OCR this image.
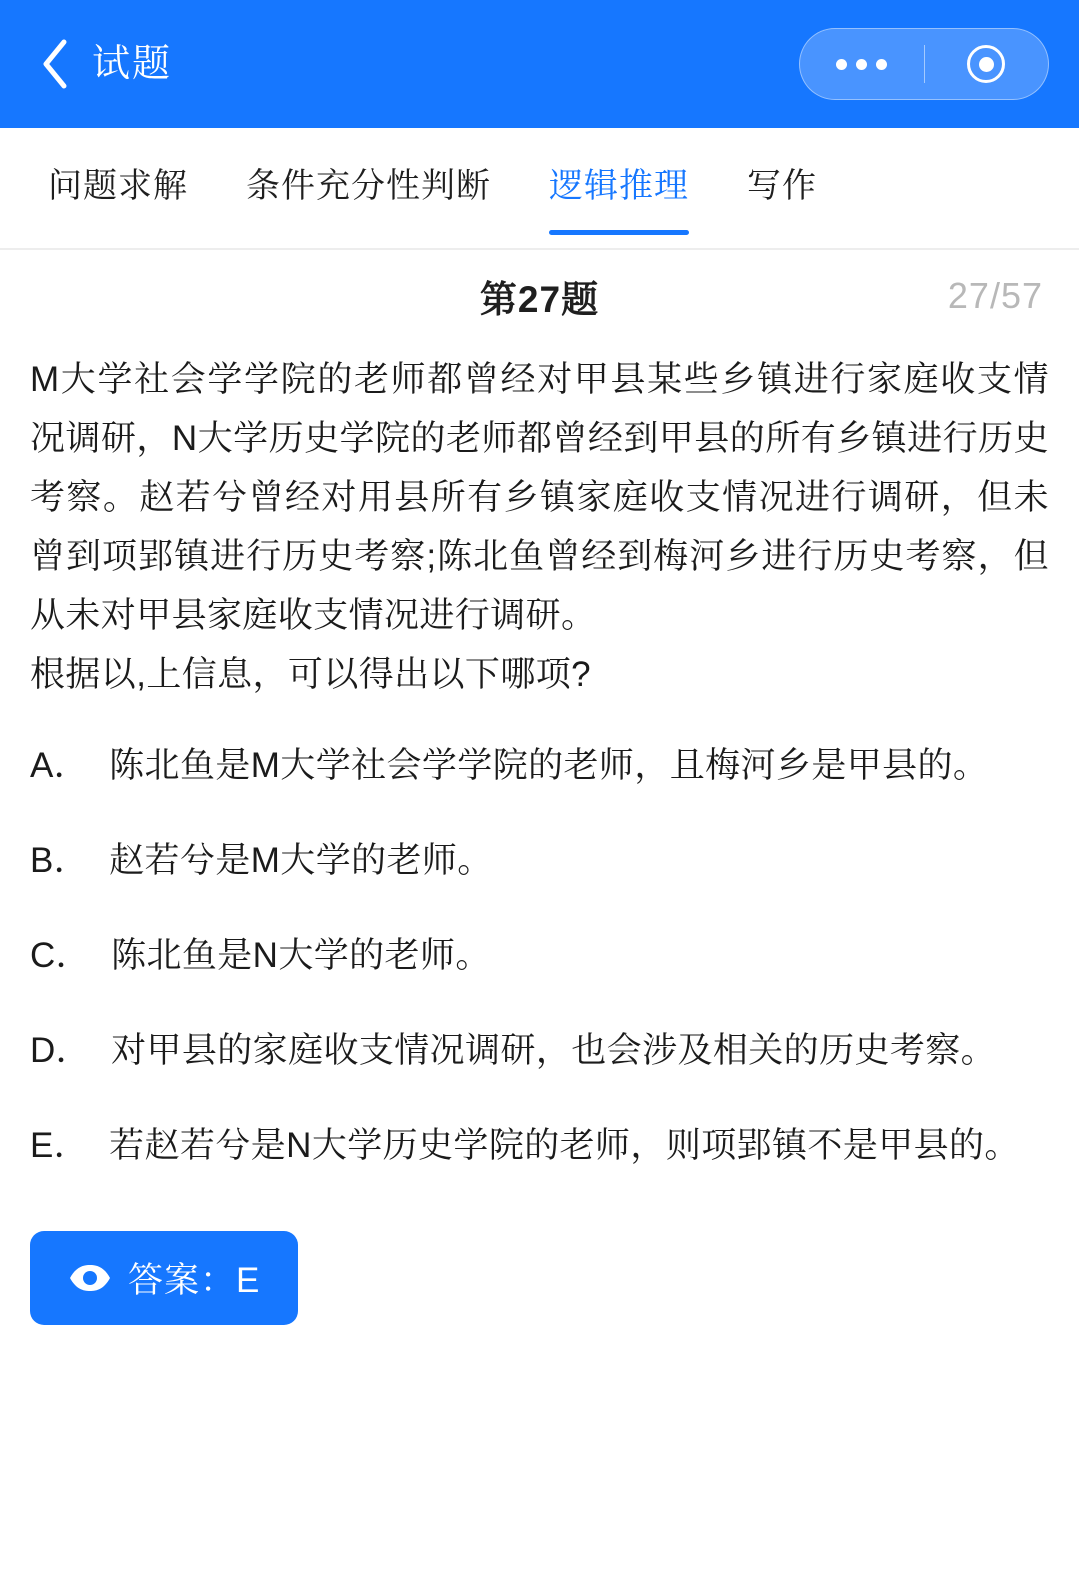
试题
问题求解 条件充分性判断 逻辑推理 写作
第27题	27/57
M大学社会学学院的老师都曾经对甲县某些乡镇进行家庭收支情况调研，N大学历史学院的老师都曾经到甲县的所有乡镇进行历史考察。赵若兮曾经对用县所有乡镇家庭收支情况进行调研，但未曾到项郢镇进行历史考察;陈北鱼曾经到梅河乡进行历史考察，但从未对甲县家庭收支情况进行调研。
根据以,上信息，可以得出以下哪项?
A． 陈北鱼是M大学社会学学院的老师，且梅河乡是甲县的。
B． 赵若兮是M大学的老师。
C． 陈北鱼是N大学的老师。
D． 对甲县的家庭收支情况调研，也会涉及相关的历史考察。
E． 若赵若兮是N大学历史学院的老师，则项郢镇不是甲县的。
答案：E
